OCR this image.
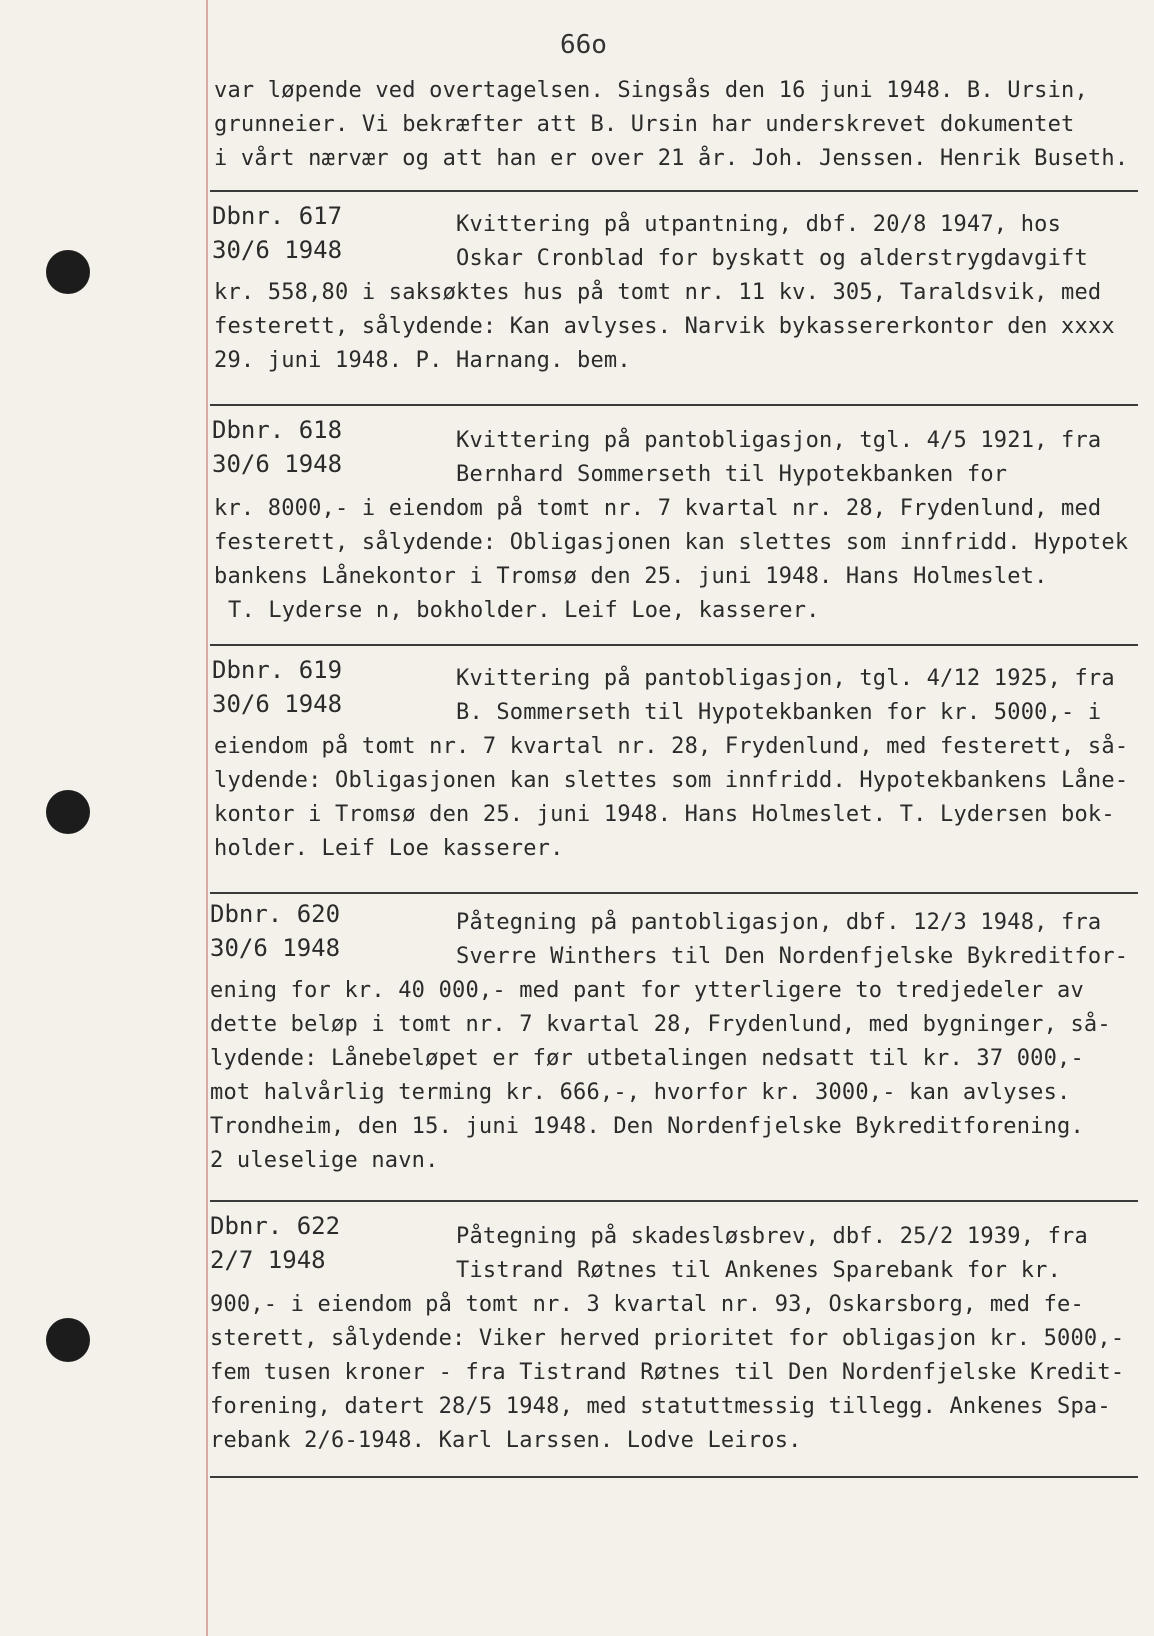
66o
var løpende ved overtagelsen. Singsås den 16 juni 1948. B. Ursin,
grunneier. Vi bekræfter att B. Ursin har underskrevet dokumentet
i vårt nærvær og att han er over 21 år. Joh. Jenssen. Henrik Buseth.
Dbnr. 617
30/6 1948
Kvittering på utpantning, dbf. 20/8 1947, hos
Oskar Cronblad for byskatt og alderstrygdavgift
kr. 558,80 i saksøktes hus på tomt nr. 11 kv. 305, Taraldsvik, med
festerett, sålydende: Kan avlyses. Narvik bykassererkontor den xxxx
29. juni 1948. P. Harnang. bem.
Dbnr. 618
30/6 1948
Kvittering på pantobligasjon, tgl. 4/5 1921, fra
Bernhard Sommerseth til Hypotekbanken for
kr. 8000,- i eiendom på tomt nr. 7 kvartal nr. 28, Frydenlund, med
festerett, sålydende: Obligasjonen kan slettes som innfridd. Hypotek
bankens Lånekontor i Tromsø den 25. juni 1948. Hans Holmeslet.
T. Lyderse n, bokholder. Leif Loe, kasserer.
Dbnr. 619
30/6 1948
Kvittering på pantobligasjon, tgl. 4/12 1925, fra
B. Sommerseth til Hypotekbanken for kr. 5000,- i
eiendom på tomt nr. 7 kvartal nr. 28, Frydenlund, med festerett, så-
lydende: Obligasjonen kan slettes som innfridd. Hypotekbankens Låne-
kontor i Tromsø den 25. juni 1948. Hans Holmeslet. T. Lydersen bok-
holder. Leif Loe kasserer.
Dbnr. 620
30/6 1948
Påtegning på pantobligasjon, dbf. 12/3 1948, fra
Sverre Winthers til Den Nordenfjelske Bykreditfor-
ening for kr. 40 000,- med pant for ytterligere to tredjedeler av
dette beløp i tomt nr. 7 kvartal 28, Frydenlund, med bygninger, så-
lydende: Lånebeløpet er før utbetalingen nedsatt til kr. 37 000,-
mot halvårlig terming kr. 666,-, hvorfor kr. 3000,- kan avlyses.
Trondheim, den 15. juni 1948. Den Nordenfjelske Bykreditforening.
2 uleselige navn.
Dbnr. 622
2/7 1948
Påtegning på skadesløsbrev, dbf. 25/2 1939, fra
Tistrand Røtnes til Ankenes Sparebank for kr.
900,- i eiendom på tomt nr. 3 kvartal nr. 93, Oskarsborg, med fe-
sterett, sålydende: Viker herved prioritet for obligasjon kr. 5000,-
fem tusen kroner - fra Tistrand Røtnes til Den Nordenfjelske Kredit-
forening, datert 28/5 1948, med statuttmessig tillegg. Ankenes Spa-
rebank 2/6-1948. Karl Larssen. Lodve Leiros.
